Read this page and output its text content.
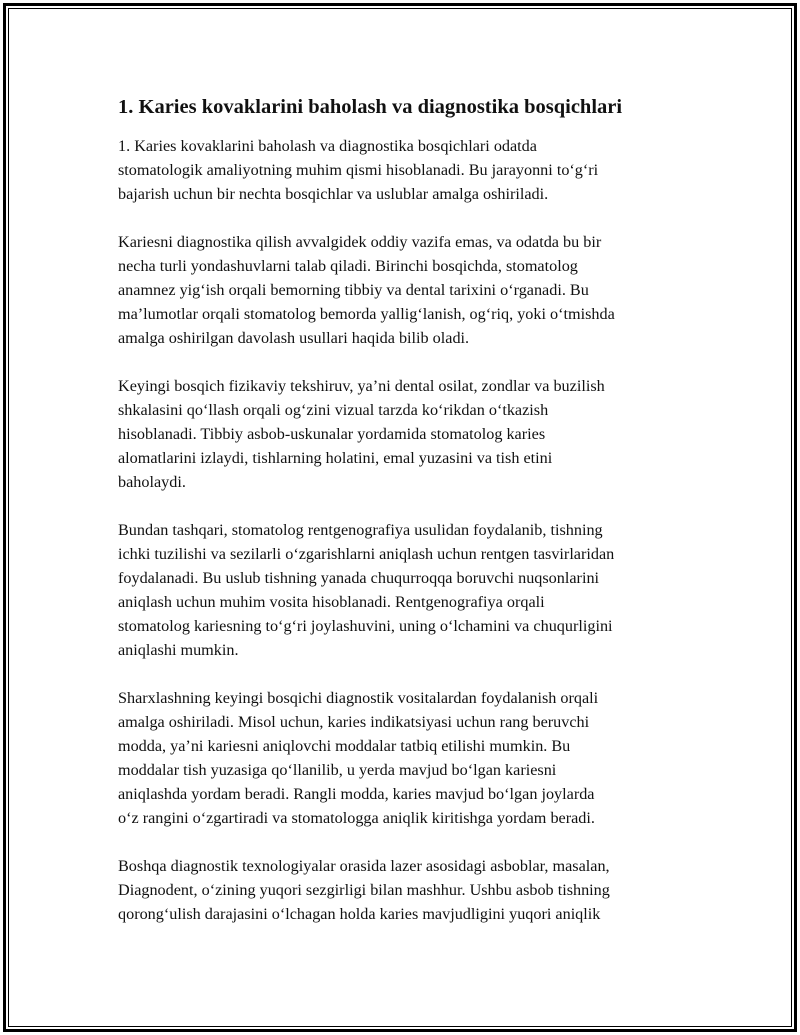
1. Karies kovaklarini baholash va diagnostika bosqichlari

1. Karies kovaklarini baholash va diagnostika bosqichlari odatda
stomatologik amaliyotning muhim qismi hisoblanadi. Bu jarayonni to‘g‘ri
bajarish uchun bir nechta bosqichlar va uslublar amalga oshiriladi.

Kariesni diagnostika qilish avvalgidek oddiy vazifa emas, va odatda bu bir
necha turli yondashuvlarni talab qiladi. Birinchi bosqichda, stomatolog
anamnez yig‘ish orqali bemorning tibbiy va dental tarixini o‘rganadi. Bu
ma’lumotlar orqali stomatolog bemorda yallig‘lanish, og‘riq, yoki o‘tmishda
amalga oshirilgan davolash usullari haqida bilib oladi.

Keyingi bosqich fizikaviy tekshiruv, ya’ni dental osilat, zondlar va buzilish
shkalasini qo‘llash orqali og‘zini vizual tarzda ko‘rikdan o‘tkazish
hisoblanadi. Tibbiy asbob-uskunalar yordamida stomatolog karies
alomatlarini izlaydi, tishlarning holatini, emal yuzasini va tish etini
baholaydi.

Bundan tashqari, stomatolog rentgenografiya usulidan foydalanib, tishning
ichki tuzilishi va sezilarli o‘zgarishlarni aniqlash uchun rentgen tasvirlaridan
foydalanadi. Bu uslub tishning yanada chuqurroqqa boruvchi nuqsonlarini
aniqlash uchun muhim vosita hisoblanadi. Rentgenografiya orqali
stomatolog kariesning to‘g‘ri joylashuvini, uning o‘lchamini va chuqurligini
aniqlashi mumkin.

Sharxlashning keyingi bosqichi diagnostik vositalardan foydalanish orqali
amalga oshiriladi. Misol uchun, karies indikatsiyasi uchun rang beruvchi
modda, ya’ni kariesni aniqlovchi moddalar tatbiq etilishi mumkin. Bu
moddalar tish yuzasiga qo‘llanilib, u yerda mavjud bo‘lgan kariesni
aniqlashda yordam beradi. Rangli modda, karies mavjud bo‘lgan joylarda
o‘z rangini o‘zgartiradi va stomatologga aniqlik kiritishga yordam beradi.

Boshqa diagnostik texnologiyalar orasida lazer asosidagi asboblar, masalan,
Diagnodent, o‘zining yuqori sezgirligi bilan mashhur. Ushbu asbob tishning
qorong‘ulish darajasini o‘lchagan holda karies mavjudligini yuqori aniqlik
